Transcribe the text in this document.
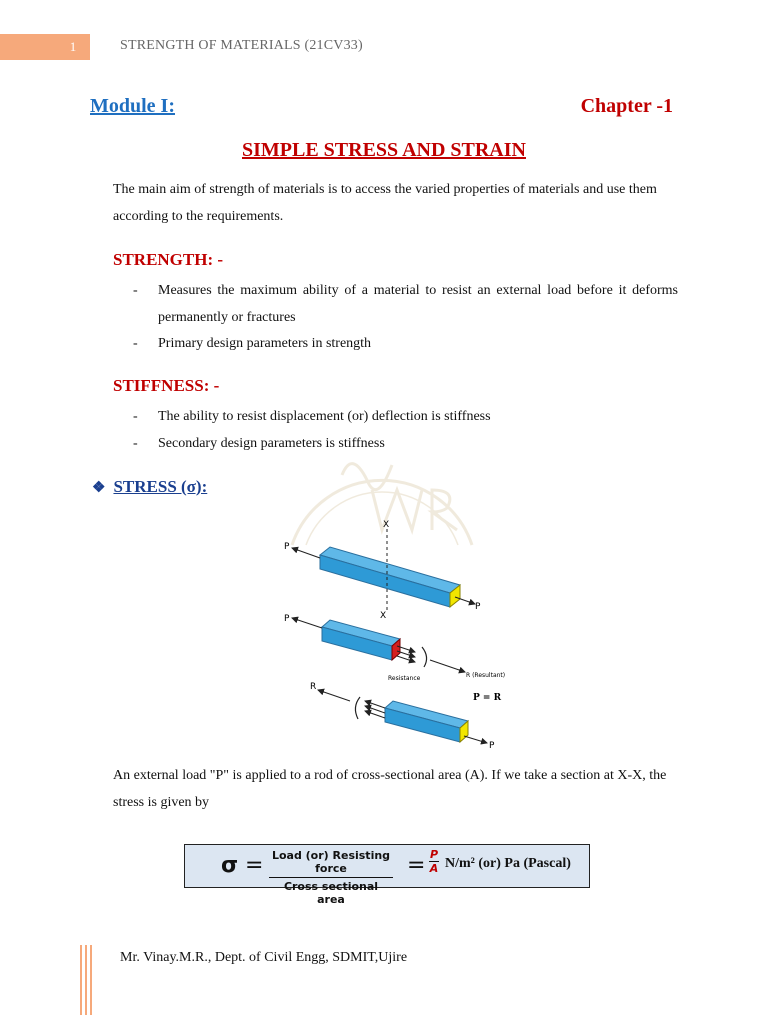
1	STRENGTH OF MATERIALS (21CV33)
Module I:	Chapter -1
SIMPLE STRESS AND STRAIN
The main aim of strength of materials is to access the varied properties of materials and use them according to the requirements.
STRENGTH: -
- Measures the maximum ability of a material to resist an external load before it deforms permanently or fractures
- Primary design parameters in strength
STIFFNESS: -
- The ability to resist displacement (or) deflection is stiffness
- Secondary design parameters is stiffness
❖ STRESS (σ):
X
X
P
P
P
Resistance	R (Resultant)
P = R
R
P
An external load "P" is applied to a rod of cross-sectional area (A). If we take a section at X-X, the stress is given by
σ = Load (or) Resisting force
Cross sectional area
= P
A N/m² (or) Pa (Pascal)
Mr. Vinay.M.R., Dept. of Civil Engg, SDMIT,Ujire
